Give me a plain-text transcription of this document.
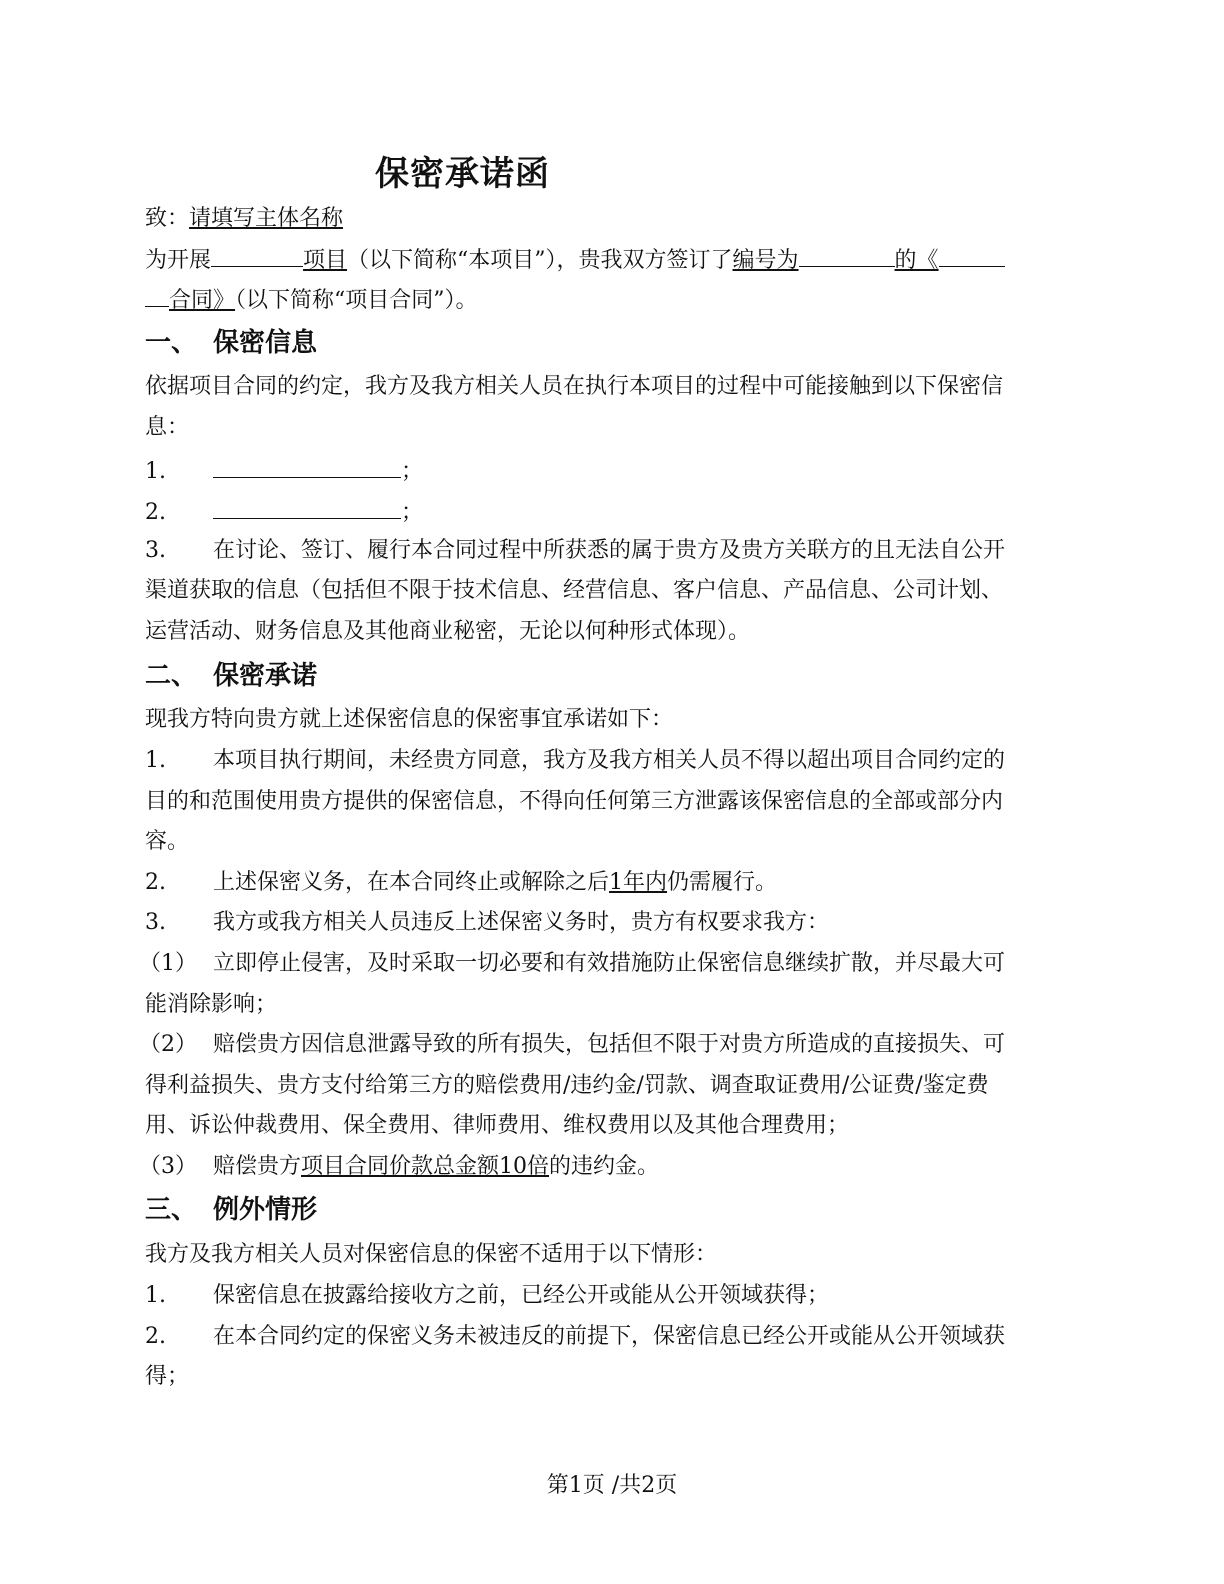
保密承诺函
致：请填写主体名称
为开展	项目（以下简称“本项目”），贵我双方签订了编号为	的《
合同》（以下简称“项目合同”）。
一、 保密信息
依据项目合同的约定，我方及我方相关人员在执行本项目的过程中可能接触到以下保密信
息：
1.	；
2.	；
3. 在讨论、签订、履行本合同过程中所获悉的属于贵方及贵方关联方的且无法自公开
渠道获取的信息（包括但不限于技术信息、经营信息、客户信息、产品信息、公司计划、
运营活动、财务信息及其他商业秘密，无论以何种形式体现）。
二、 保密承诺
现我方特向贵方就上述保密信息的保密事宜承诺如下：
1. 本项目执行期间，未经贵方同意，我方及我方相关人员不得以超出项目合同约定的
目的和范围使用贵方提供的保密信息，不得向任何第三方泄露该保密信息的全部或部分内
容。
2. 上述保密义务，在本合同终止或解除之后1年内仍需履行。
3. 我方或我方相关人员违反上述保密义务时，贵方有权要求我方：
（1） 立即停止侵害，及时采取一切必要和有效措施防止保密信息继续扩散，并尽最大可
能消除影响；
（2） 赔偿贵方因信息泄露导致的所有损失，包括但不限于对贵方所造成的直接损失、可
得利益损失、贵方支付给第三方的赔偿费用/违约金/罚款、调查取证费用/公证费/鉴定费
用、诉讼仲裁费用、保全费用、律师费用、维权费用以及其他合理费用；
（3） 赔偿贵方项目合同价款总金额10倍的违约金。
三、 例外情形
我方及我方相关人员对保密信息的保密不适用于以下情形：
1. 保密信息在披露给接收方之前，已经公开或能从公开领域获得；
2. 在本合同约定的保密义务未被违反的前提下，保密信息已经公开或能从公开领域获
得；
第1页 /共2页
